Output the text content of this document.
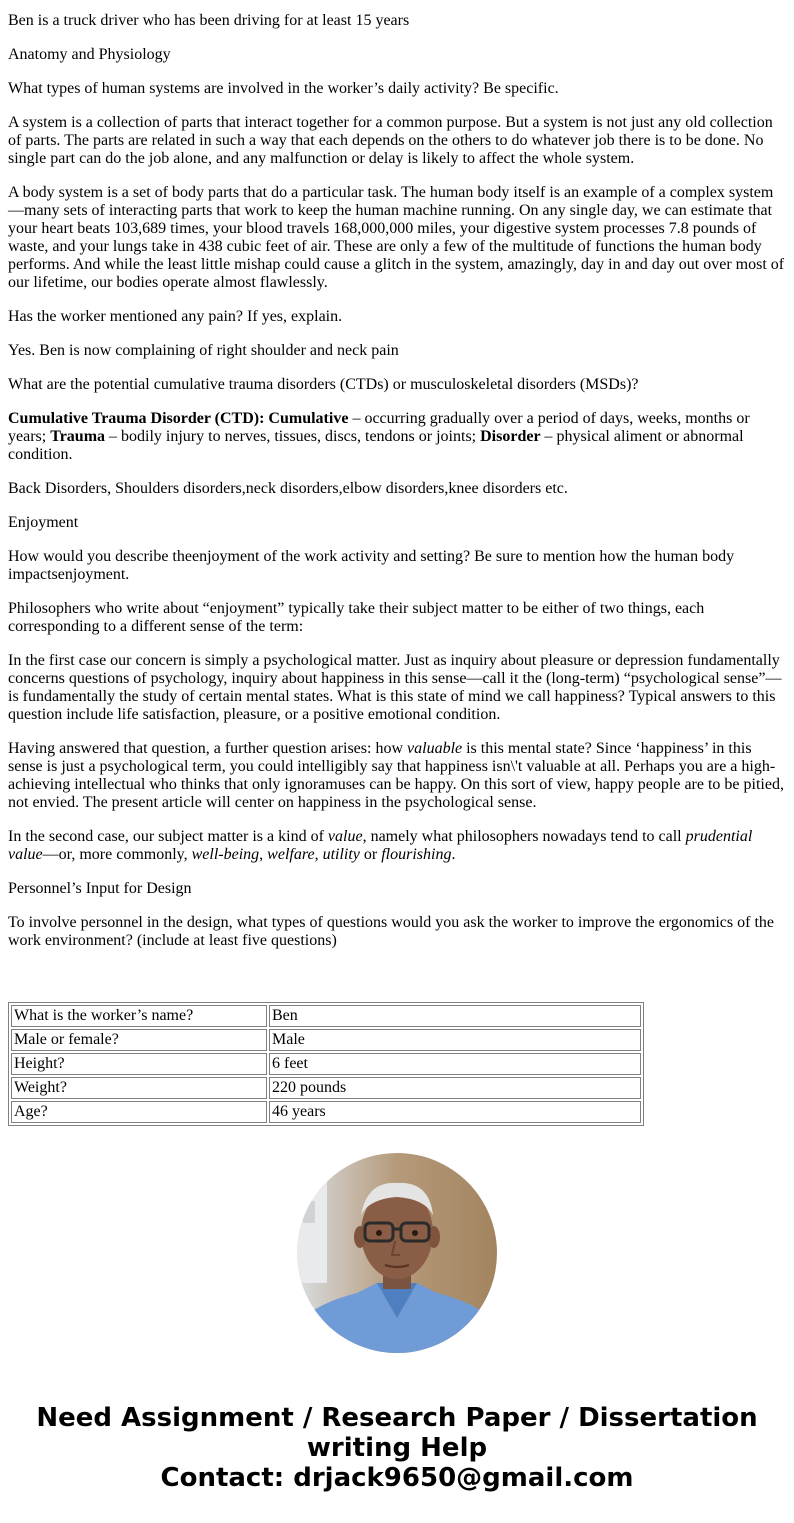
Ben is a truck driver who has been driving for at least 15 years

Anatomy and Physiology

What types of human systems are involved in the worker’s daily activity? Be specific.

A system is a collection of parts that interact together for a common purpose. But a system is not just any old collection of parts. The parts are related in such a way that each depends on the others to do whatever job there is to be done. No single part can do the job alone, and any malfunction or delay is likely to affect the whole system.

A body system is a set of body parts that do a particular task. The human body itself is an example of a complex system—many sets of interacting parts that work to keep the human machine running. On any single day, we can estimate that your heart beats 103,689 times, your blood travels 168,000,000 miles, your digestive system processes 7.8 pounds of waste, and your lungs take in 438 cubic feet of air. These are only a few of the multitude of functions the human body performs. And while the least little mishap could cause a glitch in the system, amazingly, day in and day out over most of our lifetime, our bodies operate almost flawlessly.

Has the worker mentioned any pain? If yes, explain.

Yes. Ben is now complaining of right shoulder and neck pain

What are the potential cumulative trauma disorders (CTDs) or musculoskeletal disorders (MSDs)?

Cumulative Trauma Disorder (CTD): Cumulative – occurring gradually over a period of days, weeks, months or years; Trauma – bodily injury to nerves, tissues, discs, tendons or joints; Disorder – physical aliment or abnormal condition.

Back Disorders, Shoulders disorders,neck disorders,elbow disorders,knee disorders etc.

Enjoyment

How would you describe theenjoyment of the work activity and setting? Be sure to mention how the human body impactsenjoyment.

Philosophers who write about “enjoyment” typically take their subject matter to be either of two things, each corresponding to a different sense of the term:

In the first case our concern is simply a psychological matter. Just as inquiry about pleasure or depression fundamentally concerns questions of psychology, inquiry about happiness in this sense—call it the (long-term) “psychological sense”—is fundamentally the study of certain mental states. What is this state of mind we call happiness? Typical answers to this question include life satisfaction, pleasure, or a positive emotional condition.

Having answered that question, a further question arises: how valuable is this mental state? Since ‘happiness’ in this sense is just a psychological term, you could intelligibly say that happiness isn\'t valuable at all. Perhaps you are a high-achieving intellectual who thinks that only ignoramuses can be happy. On this sort of view, happy people are to be pitied, not envied. The present article will center on happiness in the psychological sense.

In the second case, our subject matter is a kind of value, namely what philosophers nowadays tend to call prudential value—or, more commonly, well-being, welfare, utility or flourishing.

Personnel’s Input for Design

To involve personnel in the design, what types of questions would you ask the worker to improve the ergonomics of the work environment? (include at least five questions)

What is the worker’s name?	Ben
Male or female?	Male
Height?	6 feet
Weight?	220 pounds
Age?	46 years
Need Assignment / Research Paper / Dissertation
writing Help
Contact: drjack9650@gmail.com
